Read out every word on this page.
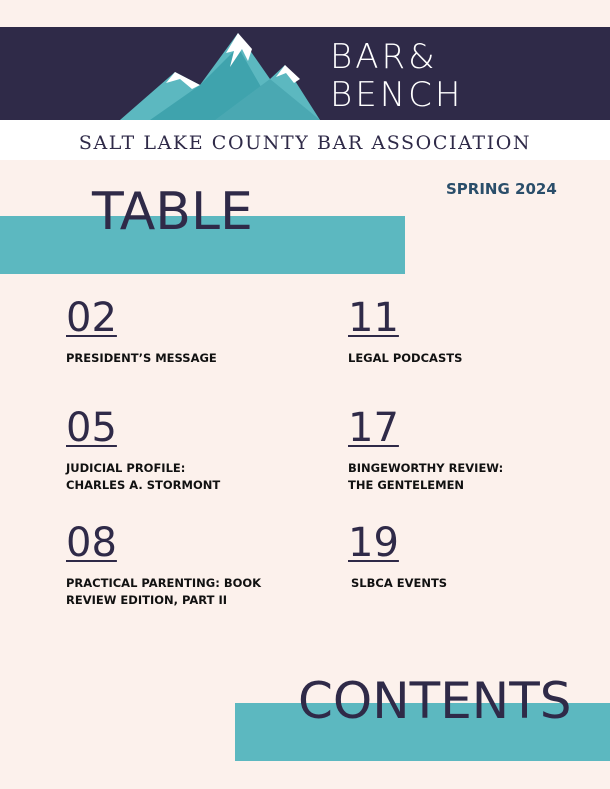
BAR&
BENCH
SALT LAKE COUNTY BAR ASSOCIATION
SPRING 2024
TABLE
02
PRESIDENT’S MESSAGE
05
JUDICIAL PROFILE:
CHARLES A. STORMONT
08
PRACTICAL PARENTING: BOOK
REVIEW EDITION, PART II
11
LEGAL PODCASTS
17
BINGEWORTHY REVIEW:
THE GENTELEMEN
19
SLBCA EVENTS
CONTENTS
